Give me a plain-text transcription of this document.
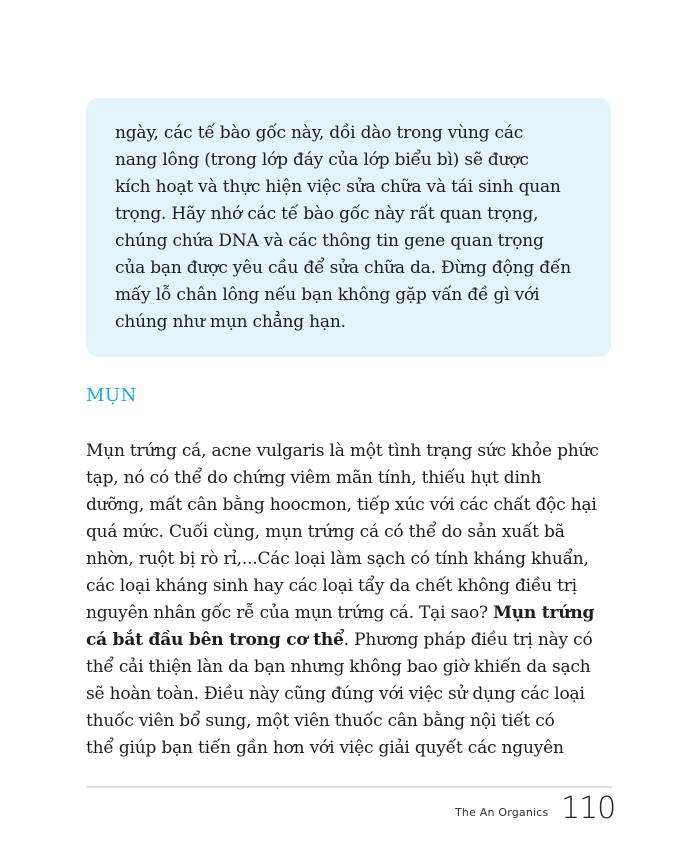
ngày, các tế bào gốc này, dồi dào trong vùng các
nang lông (trong lớp đáy của lớp biểu bì) sẽ được
kích hoạt và thực hiện việc sửa chữa và tái sinh quan
trọng. Hãy nhớ các tế bào gốc này rất quan trọng,
chúng chứa DNA và các thông tin gene quan trọng
của bạn được yêu cầu để sửa chữa da. Đừng động đến
mấy lỗ chân lông nếu bạn không gặp vấn đề gì với
chúng như mụn chẳng hạn.

MỤN

Mụn trứng cá, acne vulgaris là một tình trạng sức khỏe phức
tạp, nó có thể do chứng viêm mãn tính, thiếu hụt dinh
dưỡng, mất cân bằng hoocmon, tiếp xúc với các chất độc hại
quá mức. Cuối cùng, mụn trứng cá có thể do sản xuất bã
nhờn, ruột bị rò rỉ,...Các loại làm sạch có tính kháng khuẩn,
các loại kháng sinh hay các loại tẩy da chết không điều trị
nguyên nhân gốc rễ của mụn trứng cá. Tại sao? Mụn trứng
cá bắt đầu bên trong cơ thể. Phương pháp điều trị này có
thể cải thiện làn da bạn nhưng không bao giờ khiến da sạch
sẽ hoàn toàn. Điều này cũng đúng với việc sử dụng các loại
thuốc viên bổ sung, một viên thuốc cân bằng nội tiết có
thể giúp bạn tiến gần hơn với việc giải quyết các nguyên

The An Organics 110
